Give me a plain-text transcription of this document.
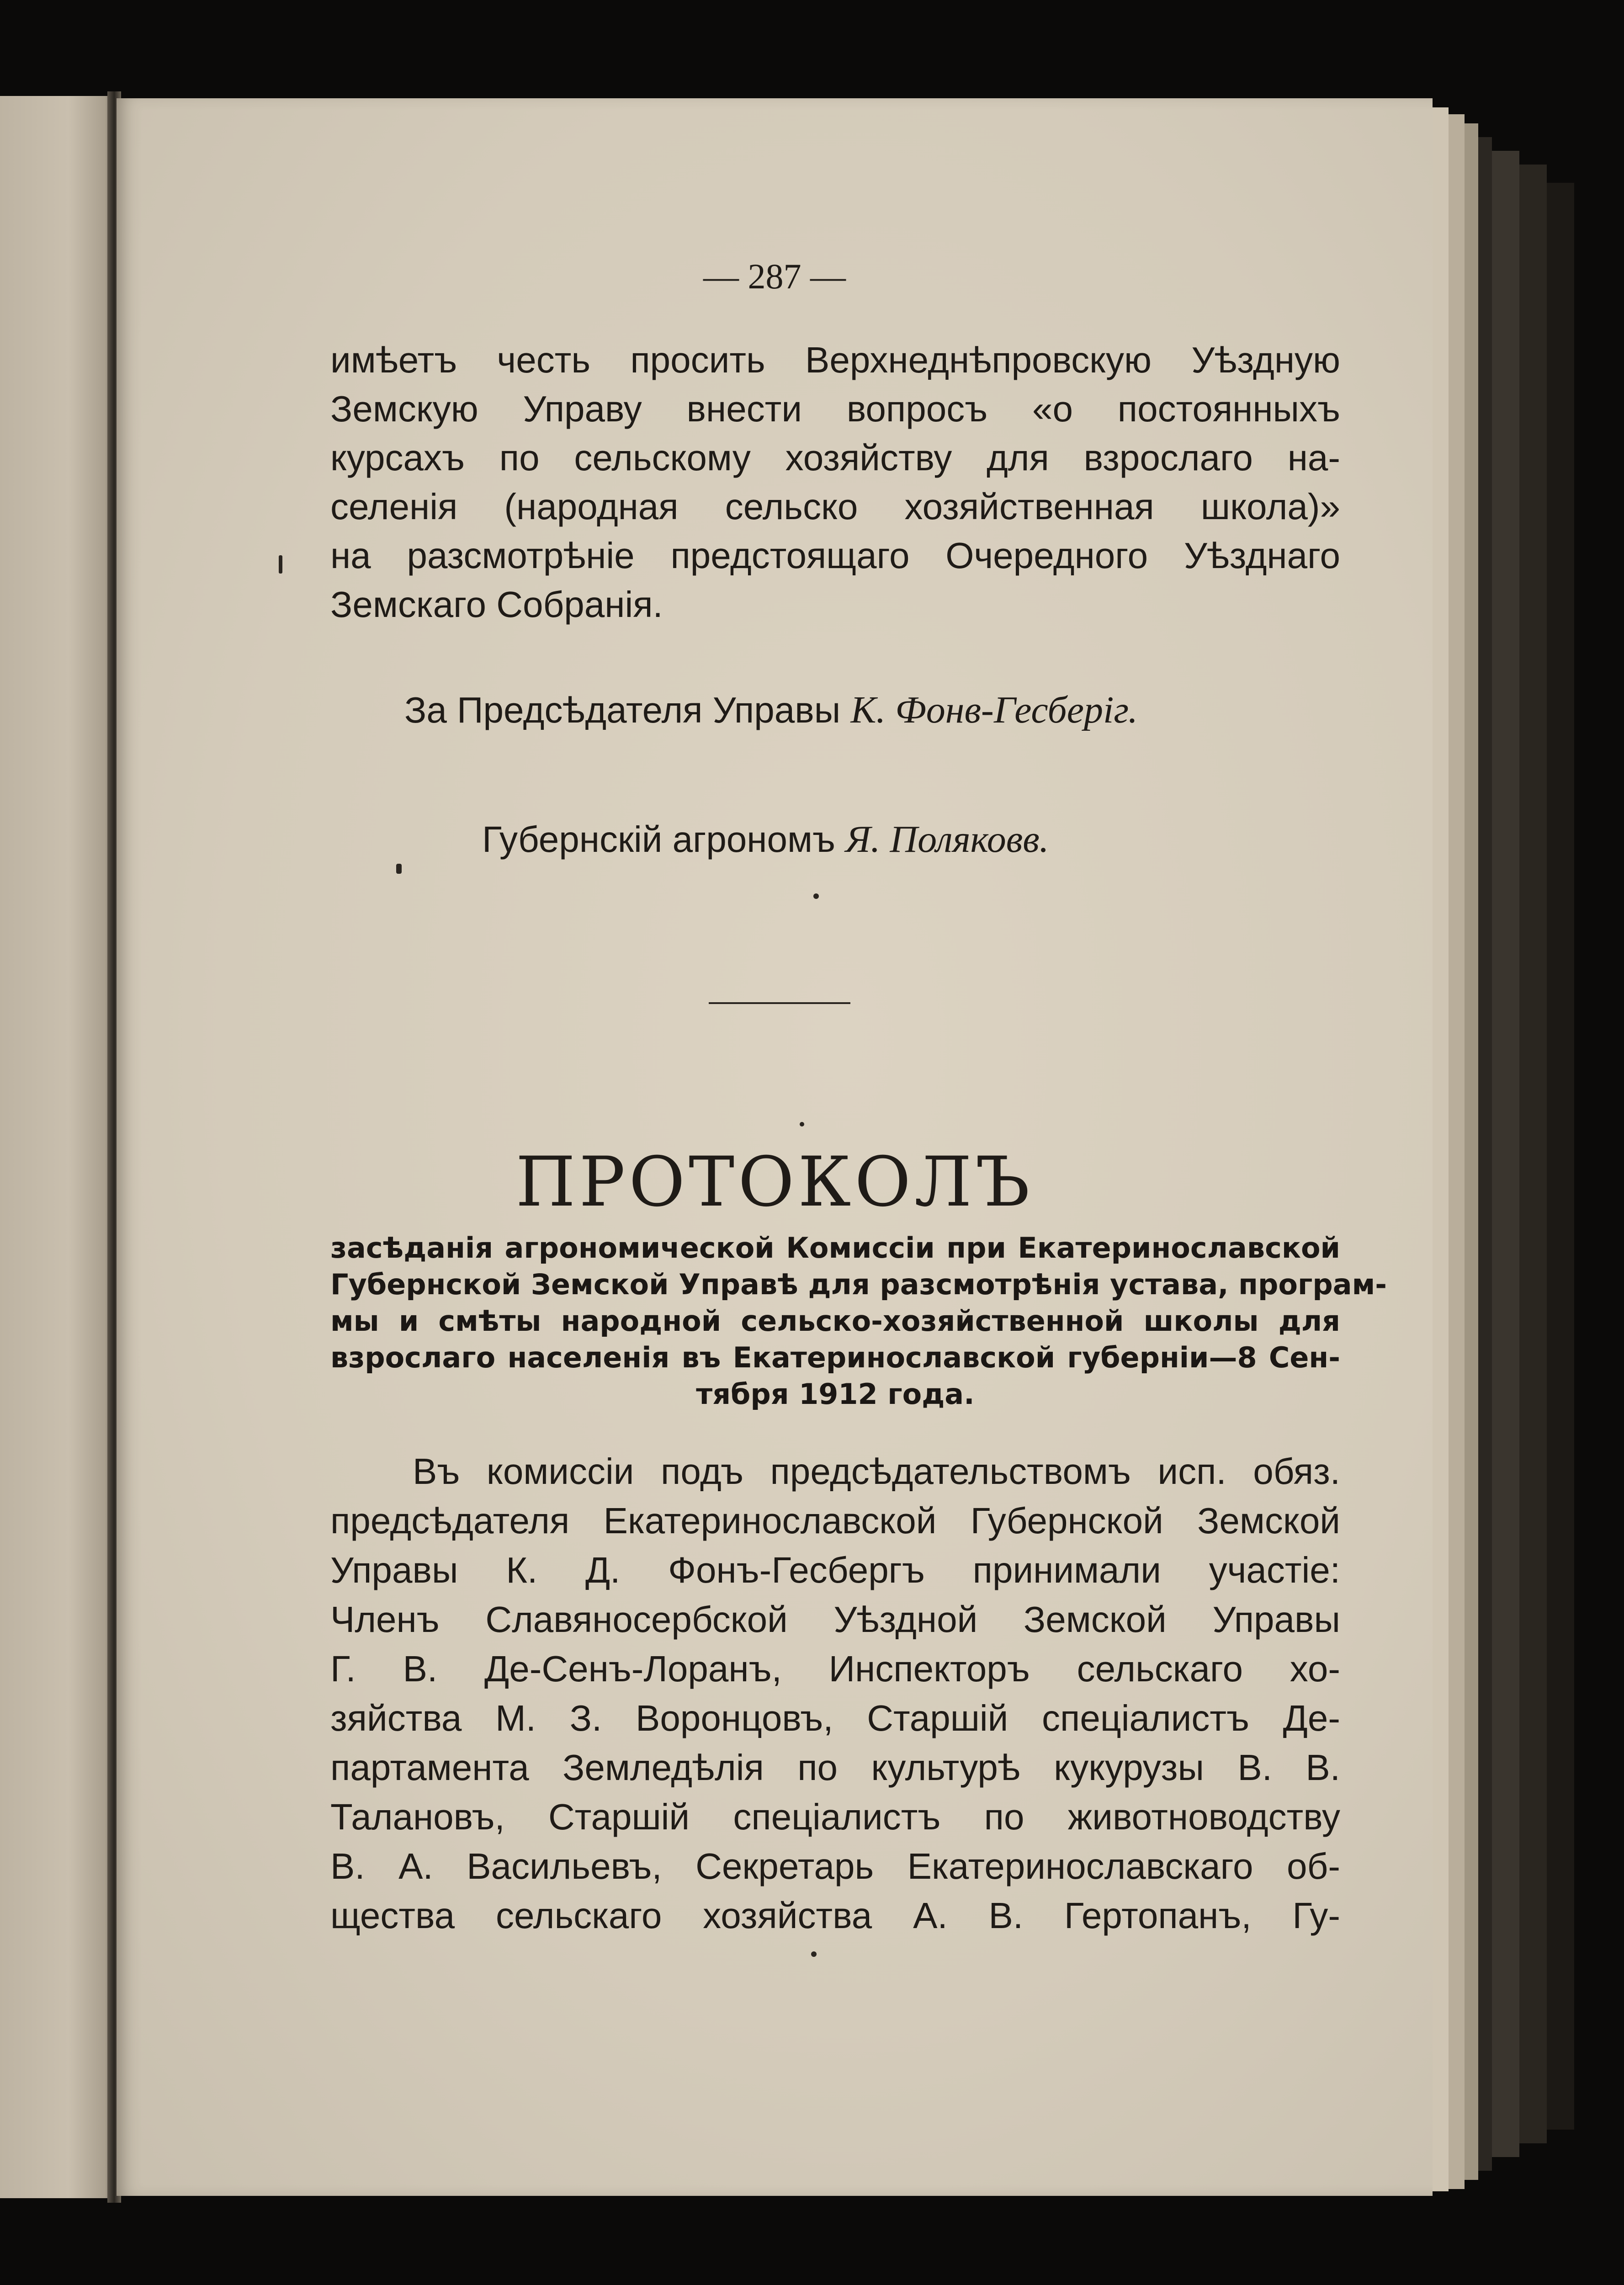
— 287 —
имѣетъ честь просить Верхнеднѣпровскую Уѣздную
Земскую Управу внести вопросъ «о постоянныхъ
курсахъ по сельскому хозяйству для взрослаго на-
селенія (народная сельско хозяйственная школа)»
на разсмотрѣніе предстоящаго Очередного Уѣзднаго
Земскаго Собранія.
За Предсѣдателя Управы К. Фонв-Гесберіг.
Губернскій агрономъ Я. Поляковв.
ПРОТОКОЛЪ
засѣданія агрономической Комиссіи при Екатеринославской
Губернской Земской Управѣ для разсмотрѣнія устава, програм-
мы и смѣты народной сельско-хозяйственной школы для
взрослаго населенія въ Екатеринославской губерніи—8 Сен-
тября 1912 года.
Въ комиссіи подъ предсѣдательствомъ исп. обяз.
предсѣдателя Екатеринославской Губернской Земской
Управы К. Д. Фонъ-Гесбергъ принимали участіе:
Членъ Славяносербской Уѣздной Земской Управы
Г. В. Де-Сенъ-Лоранъ, Инспекторъ сельскаго хо-
зяйства М. З. Воронцовъ, Старшій спеціалистъ Де-
партамента Земледѣлія по культурѣ кукурузы В. В.
Талановъ, Старшій спеціалистъ по животноводству
В. А. Васильевъ, Секретарь Екатеринославскаго об-
щества сельскаго хозяйства А. В. Гертопанъ, Гу-
